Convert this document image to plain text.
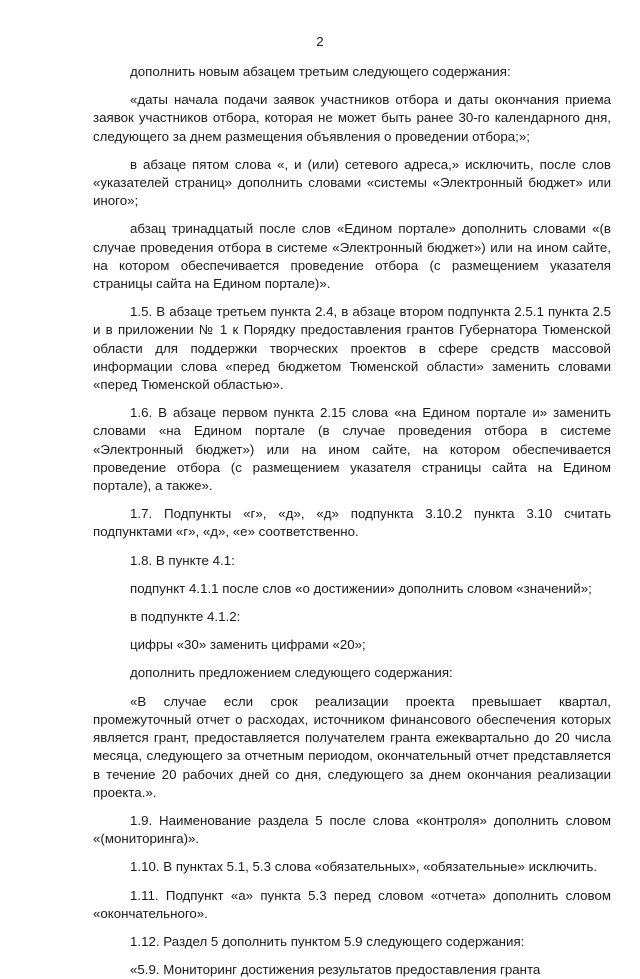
2

дополнить новым абзацем третьим следующего содержания:

«даты начала подачи заявок участников отбора и даты окончания приема заявок участников отбора, которая не может быть ранее 30-го календарного дня, следующего за днем размещения объявления о проведении отбора;»;

в абзаце пятом слова «, и (или) сетевого адреса,» исключить, после слов «указателей страниц» дополнить словами «системы «Электронный бюджет» или иного»;

абзац тринадцатый после слов «Едином портале» дополнить словами «(в случае проведения отбора в системе «Электронный бюджет») или на ином сайте, на котором обеспечивается проведение отбора (с размещением указателя страницы сайта на Едином портале)».

1.5. В абзаце третьем пункта 2.4, в абзаце втором подпункта 2.5.1 пункта 2.5 и в приложении № 1 к Порядку предоставления грантов Губернатора Тюменской области для поддержки творческих проектов в сфере средств массовой информации слова «перед бюджетом Тюменской области» заменить словами «перед Тюменской областью».

1.6. В абзаце первом пункта 2.15 слова «на Едином портале и» заменить словами «на Едином портале (в случае проведения отбора в системе «Электронный бюджет») или на ином сайте, на котором обеспечивается проведение отбора (с размещением указателя страницы сайта на Едином портале), а также».

1.7. Подпункты «г», «д», «д» подпункта 3.10.2 пункта 3.10 считать подпунктами «г», «д», «е» соответственно.

1.8. В пункте 4.1:

подпункт 4.1.1 после слов «о достижении» дополнить словом «значений»;

в подпункте 4.1.2:

цифры «30» заменить цифрами «20»;

дополнить предложением следующего содержания:

«В случае если срок реализации проекта превышает квартал, промежуточный отчет о расходах, источником финансового обеспечения которых является грант, предоставляется получателем гранта ежеквартально до 20 числа месяца, следующего за отчетным периодом, окончательный отчет представляется в течение 20 рабочих дней со дня, следующего за днем окончания реализации проекта.».

1.9. Наименование раздела 5 после слова «контроля» дополнить словом «(мониторинга)».

1.10. В пунктах 5.1, 5.3 слова «обязательных», «обязательные» исключить.

1.11. Подпункт «а» пункта 5.3 перед словом «отчета» дополнить словом «окончательного».

1.12. Раздел 5 дополнить пунктом 5.9 следующего содержания:

«5.9. Мониторинг достижения результатов предоставления гранта
